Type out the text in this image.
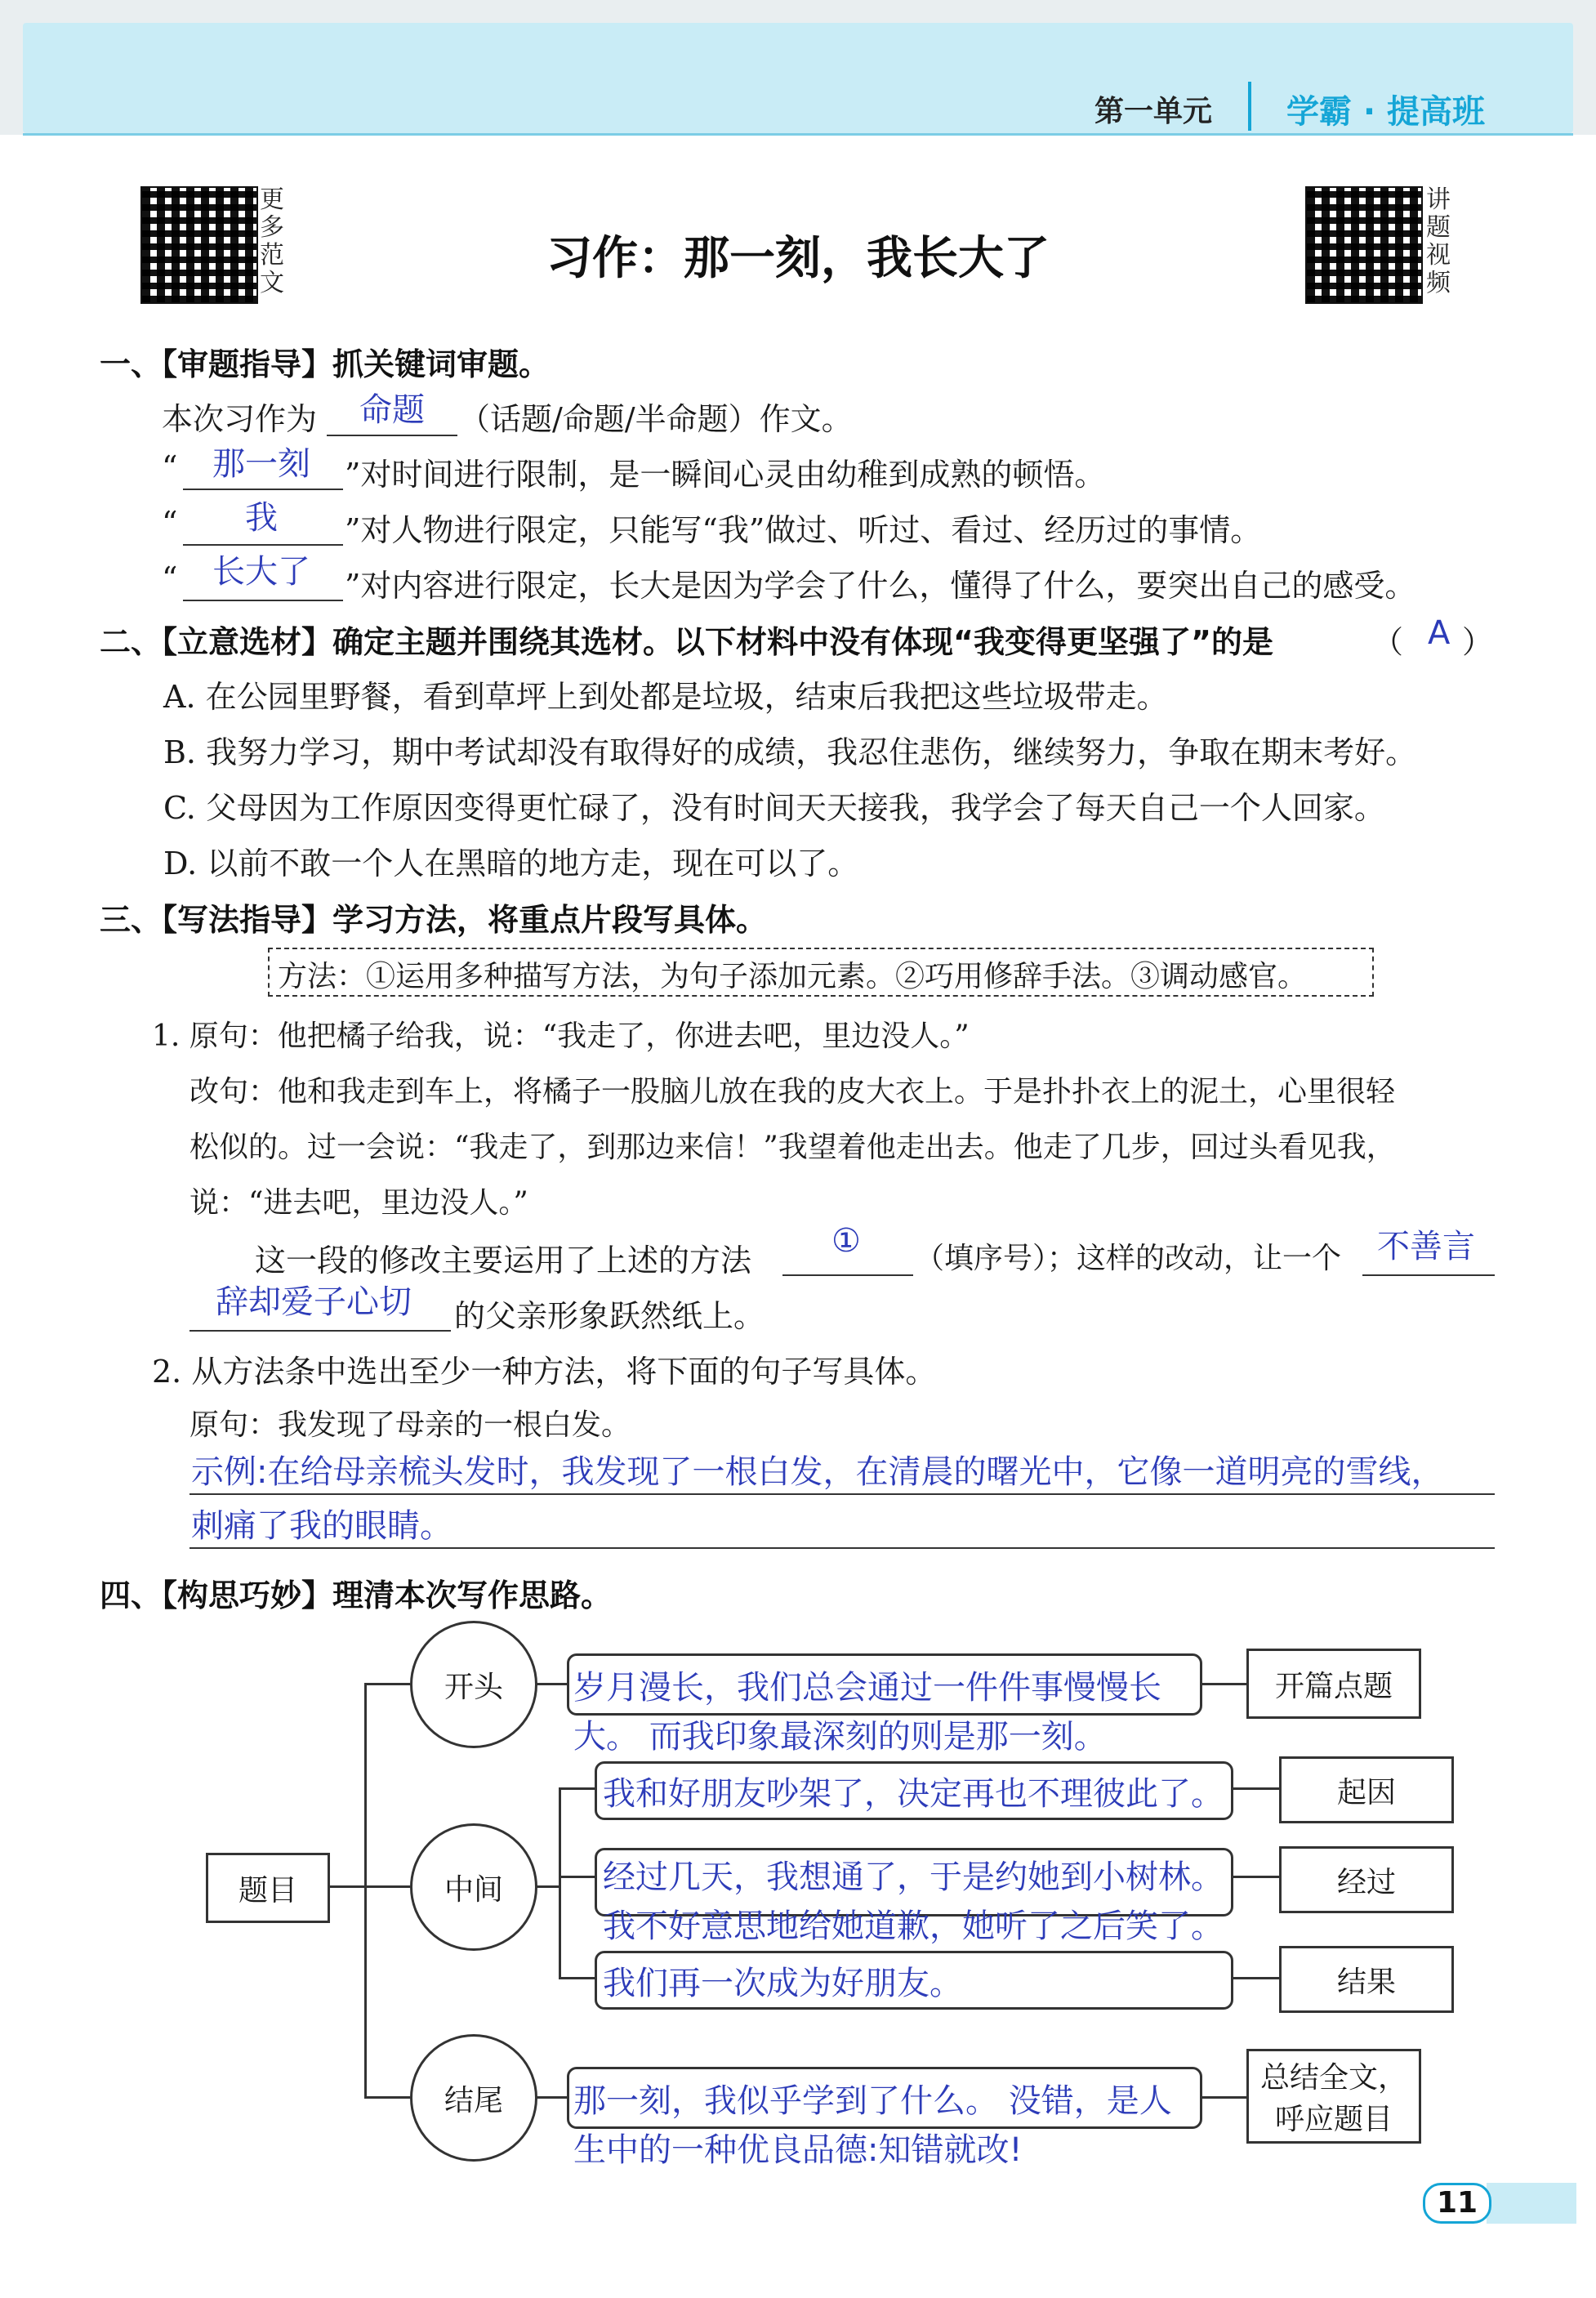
第一单元 学霸 · 提高班
更多范文
讲题视频
习作：那一刻，我长大了
一、【审题指导】抓关键词审题。
本次习作为 命题 （话题/命题/半命题）作文。
“ 那一刻 ”对时间进行限制，是一瞬间心灵由幼稚到成熟的顿悟。
“ 我 ”对人物进行限定，只能写“我”做过、听过、看过、经历过的事情。
“ 长大了 ”对内容进行限定，长大是因为学会了什么，懂得了什么，要突出自己的感受。
二、【立意选材】确定主题并围绕其选材。以下材料中没有体现“我变得更坚强了”的是	（ A ）
A. 在公园里野餐，看到草坪上到处都是垃圾，结束后我把这些垃圾带走。
B. 我努力学习，期中考试却没有取得好的成绩，我忍住悲伤，继续努力，争取在期末考好。
C. 父母因为工作原因变得更忙碌了，没有时间天天接我，我学会了每天自己一个人回家。
D. 以前不敢一个人在黑暗的地方走，现在可以了。
三、【写法指导】学习方法，将重点片段写具体。
方法：①运用多种描写方法，为句子添加元素。②巧用修辞手法。③调动感官。
1. 原句：他把橘子给我，说：“我走了，你进去吧，里边没人。”
改句：他和我走到车上，将橘子一股脑儿放在我的皮大衣上。于是扑扑衣上的泥土，心里很轻
松似的。过一会说：“我走了，到那边来信！”我望着他走出去。他走了几步，回过头看见我，
说：“进去吧，里边没人。”
这一段的修改主要运用了上述的方法
① （填序号）；这样的改动，让一个 不善言
辞却爱子心切 的父亲形象跃然纸上。
2. 从方法条中选出至少一种方法，将下面的句子写具体。
原句：我发现了母亲的一根白发。
示例:在给母亲梳头发时，我发现了一根白发，在清晨的曙光中，它像一道明亮的雪线，
刺痛了我的眼睛。
四、【构思巧妙】理清本次写作思路。
题目
开头
中间
结尾
岁月漫长，我们总会通过一件件事慢慢长
大。 而我印象最深刻的则是那一刻。
我和好朋友吵架了，决定再也不理彼此了。
经过几天，我想通了，于是约她到小树林。
我不好意思地给她道歉，她听了之后笑了。
我们再一次成为好朋友。
那一刻，我似乎学到了什么。 没错，是人
生中的一种优良品德:知错就改!
开篇点题
起因
经过
结果
总结全文，
呼应题目
11
